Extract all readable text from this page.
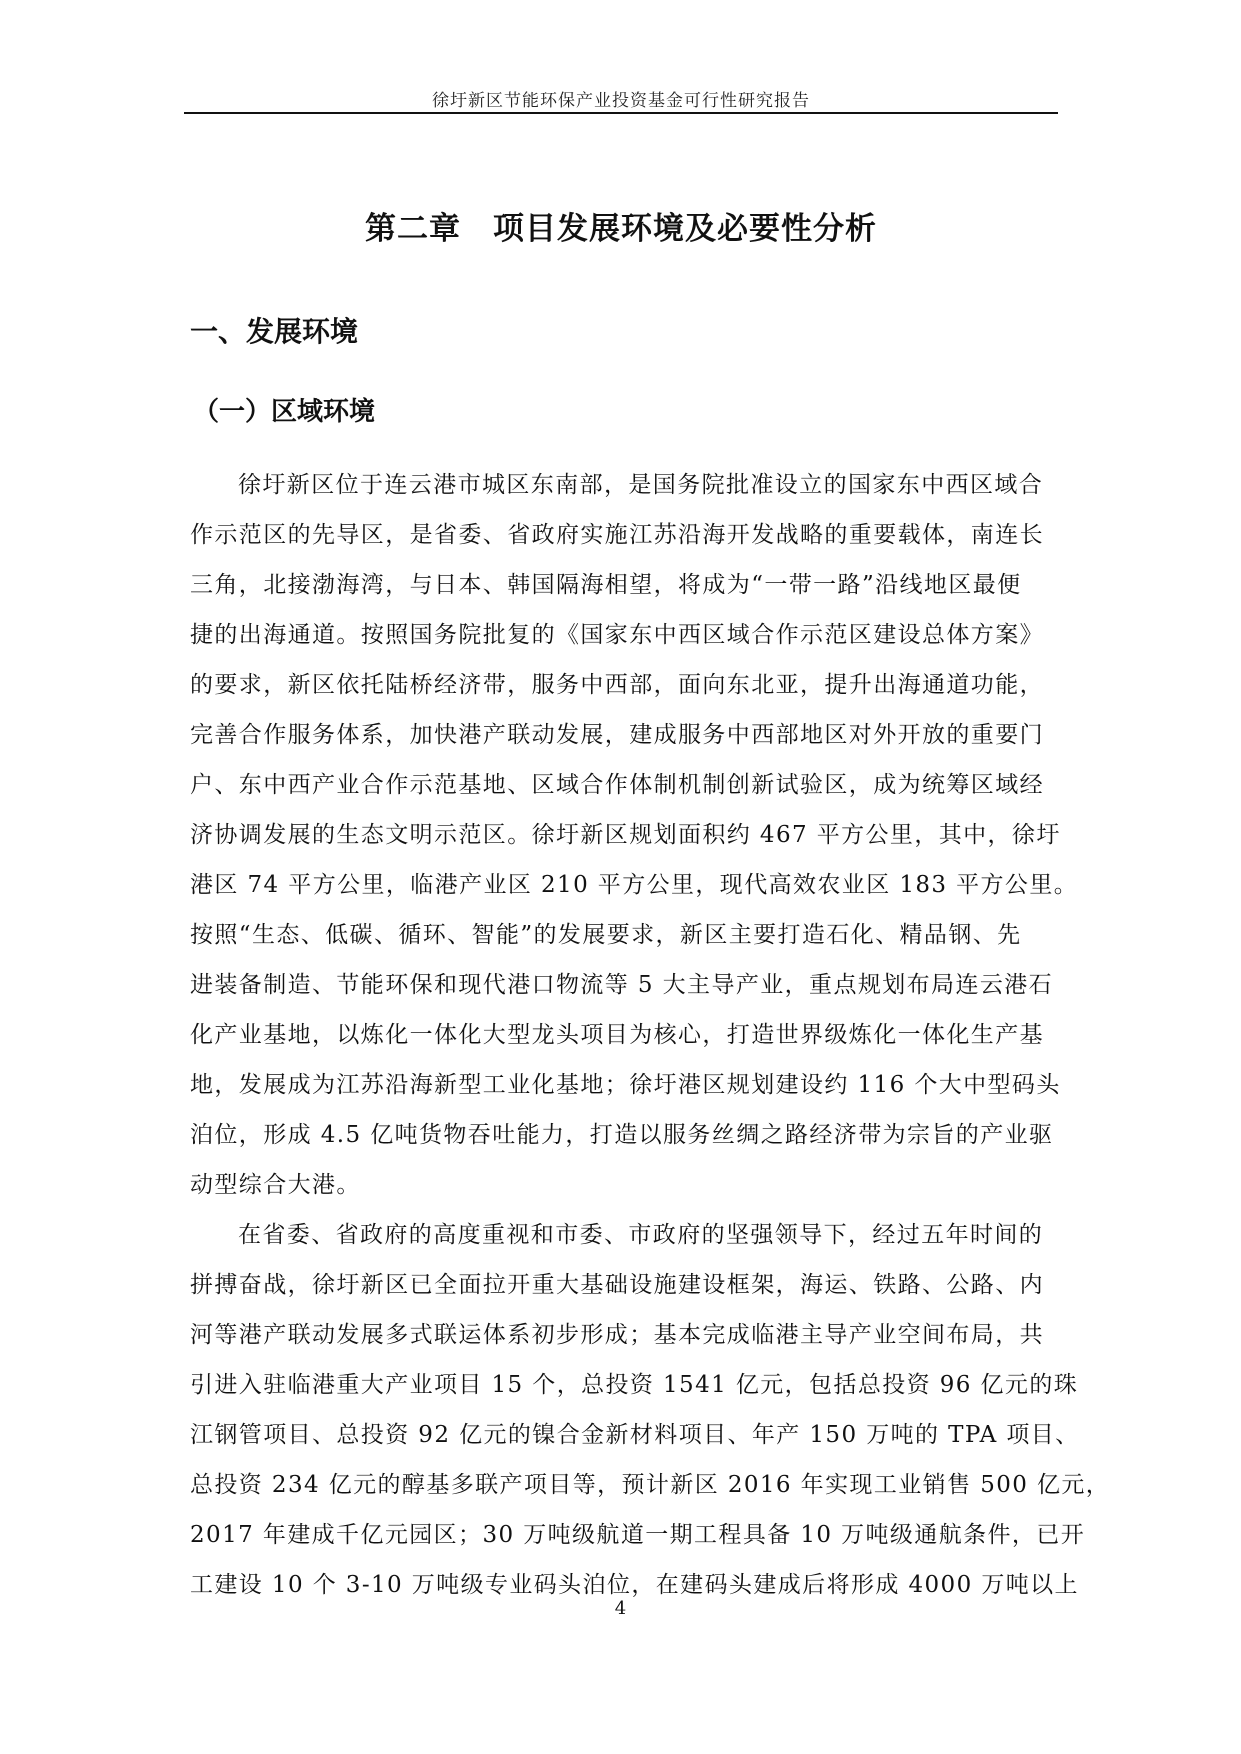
徐圩新区节能环保产业投资基金可行性研究报告
第二章　项目发展环境及必要性分析
一、发展环境
（一）区域环境
徐圩新区位于连云港市城区东南部，是国务院批准设立的国家东中西区域合
作示范区的先导区，是省委、省政府实施江苏沿海开发战略的重要载体，南连长
三角，北接渤海湾，与日本、韩国隔海相望，将成为“一带一路”沿线地区最便
捷的出海通道。按照国务院批复的《国家东中西区域合作示范区建设总体方案》
的要求，新区依托陆桥经济带，服务中西部，面向东北亚，提升出海通道功能，
完善合作服务体系，加快港产联动发展，建成服务中西部地区对外开放的重要门
户、东中西产业合作示范基地、区域合作体制机制创新试验区，成为统筹区域经
济协调发展的生态文明示范区。徐圩新区规划面积约 467 平方公里，其中，徐圩
港区 74 平方公里，临港产业区 210 平方公里，现代高效农业区 183 平方公里。
按照“生态、低碳、循环、智能”的发展要求，新区主要打造石化、精品钢、先
进装备制造、节能环保和现代港口物流等 5 大主导产业，重点规划布局连云港石
化产业基地，以炼化一体化大型龙头项目为核心，打造世界级炼化一体化生产基
地，发展成为江苏沿海新型工业化基地；徐圩港区规划建设约 116 个大中型码头
泊位，形成 4.5 亿吨货物吞吐能力，打造以服务丝绸之路经济带为宗旨的产业驱
动型综合大港。
在省委、省政府的高度重视和市委、市政府的坚强领导下，经过五年时间的
拼搏奋战，徐圩新区已全面拉开重大基础设施建设框架，海运、铁路、公路、内
河等港产联动发展多式联运体系初步形成；基本完成临港主导产业空间布局，共
引进入驻临港重大产业项目 15 个，总投资 1541 亿元，包括总投资 96 亿元的珠
江钢管项目、总投资 92 亿元的镍合金新材料项目、年产 150 万吨的 TPA 项目、
总投资 234 亿元的醇基多联产项目等，预计新区 2016 年实现工业销售 500 亿元，
2017 年建成千亿元园区；30 万吨级航道一期工程具备 10 万吨级通航条件，已开
工建设 10 个 3-10 万吨级专业码头泊位，在建码头建成后将形成 4000 万吨以上
4
